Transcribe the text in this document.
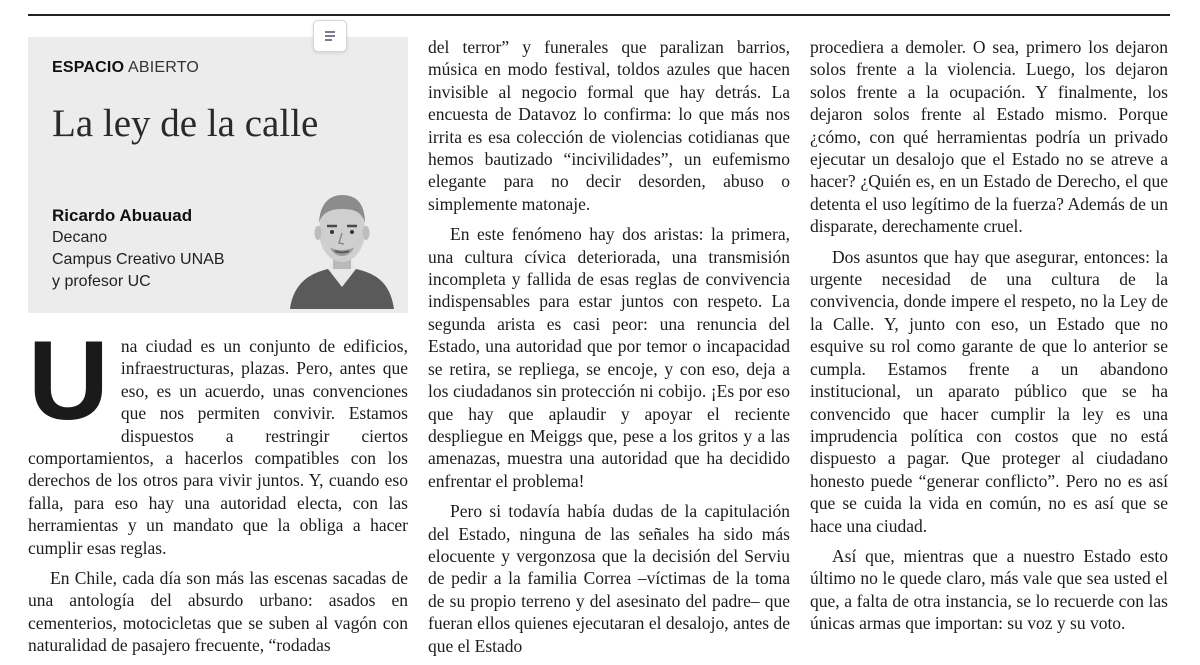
ESPACIO ABIERTO
La ley de la calle
Ricardo Abuauad
Decano
Campus Creativo UNAB
y profesor UC

Una ciudad es un conjunto de edificios, infraestructuras, plazas. Pero, antes que eso, es un acuerdo, unas convenciones que nos permiten convivir. Estamos dispuestos a restringir ciertos comportamientos, a hacerlos compatibles con los derechos de los otros para vivir juntos. Y, cuando eso falla, para eso hay una autoridad electa, con las herramientas y un mandato que la obliga a hacer cumplir esas reglas.

En Chile, cada día son más las escenas sacadas de una antología del absurdo urbano: asados en cementerios, motocicletas que se suben al vagón con naturalidad de pasajero frecuente, “rodadas

del terror” y funerales que paralizan barrios, música en modo festival, toldos azules que hacen invisible al negocio formal que hay detrás. La encuesta de Datavoz lo confirma: lo que más nos irrita es esa colección de violencias cotidianas que hemos bautizado “incivilidades”, un eufemismo elegante para no decir desorden, abuso o simplemente matonaje.

En este fenómeno hay dos aristas: la primera, una cultura cívica deteriorada, una transmisión incompleta y fallida de esas reglas de convivencia indispensables para estar juntos con respeto. La segunda arista es casi peor: una renuncia del Estado, una autoridad que por temor o incapacidad se retira, se repliega, se encoje, y con eso, deja a los ciudadanos sin protección ni cobijo. ¡Es por eso que hay que aplaudir y apoyar el reciente despliegue en Meiggs que, pese a los gritos y a las amenazas, muestra una autoridad que ha decidido enfrentar el problema!

Pero si todavía había dudas de la capitulación del Estado, ninguna de las señales ha sido más elocuente y vergonzosa que la decisión del Serviu de pedir a la familia Correa –víctimas de la toma de su propio terreno y del asesinato del padre– que fueran ellos quienes ejecutaran el desalojo, antes de que el Estado

procediera a demoler. O sea, primero los dejaron solos frente a la violencia. Luego, los dejaron solos frente a la ocupación. Y finalmente, los dejaron solos frente al Estado mismo. Porque ¿cómo, con qué herramientas podría un privado ejecutar un desalojo que el Estado no se atreve a hacer? ¿Quién es, en un Estado de Derecho, el que detenta el uso legítimo de la fuerza? Además de un disparate, derechamente cruel.

Dos asuntos que hay que asegurar, entonces: la urgente necesidad de una cultura de la convivencia, donde impere el respeto, no la Ley de la Calle. Y, junto con eso, un Estado que no esquive su rol como garante de que lo anterior se cumpla. Estamos frente a un abandono institucional, un aparato público que se ha convencido que hacer cumplir la ley es una imprudencia política con costos que no está dispuesto a pagar. Que proteger al ciudadano honesto puede “generar conflicto”. Pero no es así que se cuida la vida en común, no es así que se hace una ciudad.

Así que, mientras que a nuestro Estado esto último no le quede claro, más vale que sea usted el que, a falta de otra instancia, se lo recuerde con las únicas armas que importan: su voz y su voto.
